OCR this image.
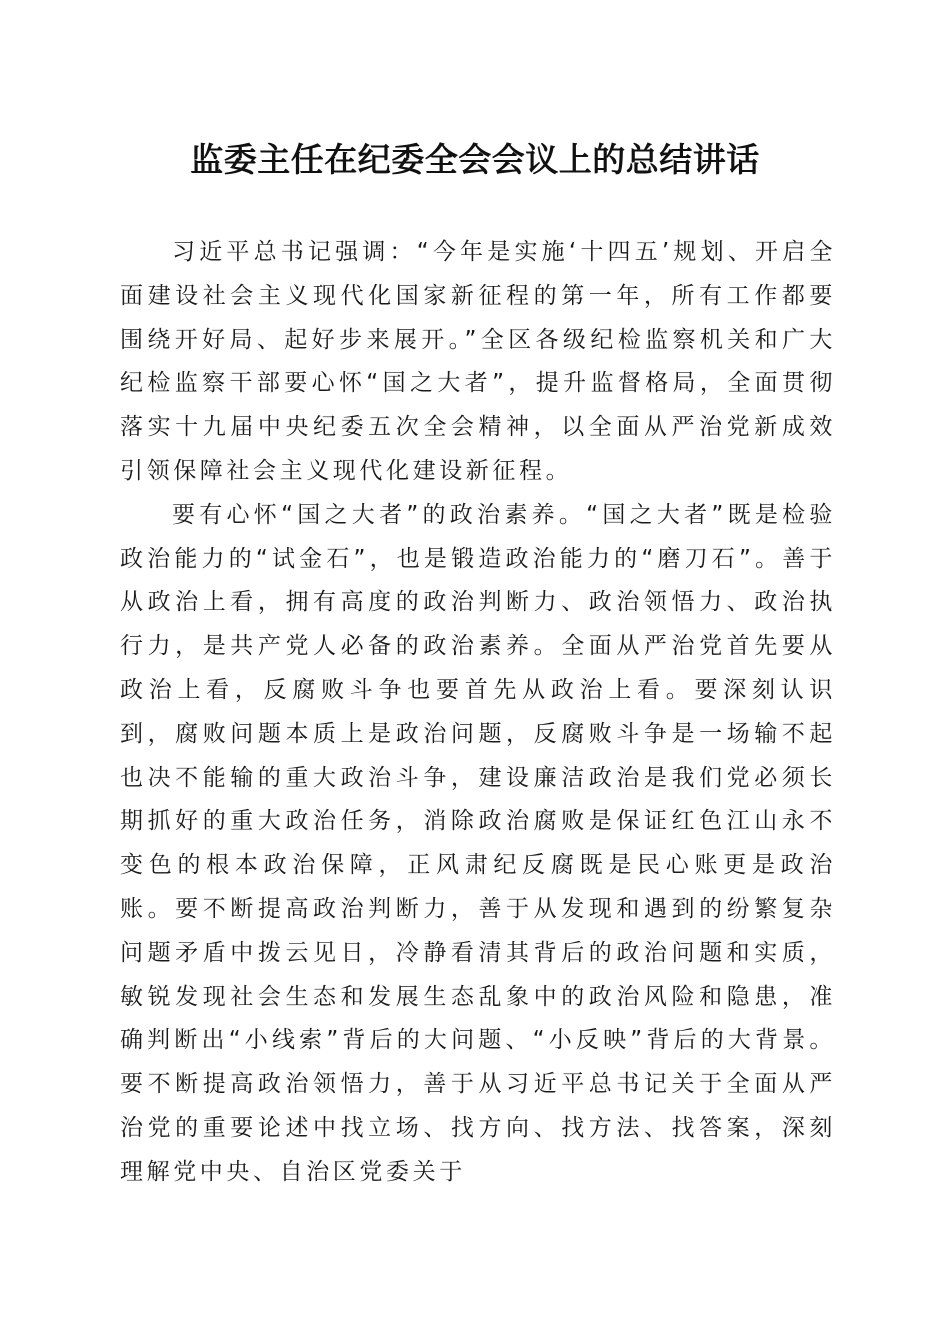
监委主任在纪委全会会议上的总结讲话

习近平总书记强调：“今年是实施‘十四五’规划、开启全面建设社会主义现代化国家新征程的第一年，所有工作都要围绕开好局、起好步来展开。”全区各级纪检监察机关和广大纪检监察干部要心怀“国之大者”，提升监督格局，全面贯彻落实十九届中央纪委五次全会精神，以全面从严治党新成效引领保障社会主义现代化建设新征程。

要有心怀“国之大者”的政治素养。“国之大者”既是检验政治能力的“试金石”，也是锻造政治能力的“磨刀石”。善于从政治上看，拥有高度的政治判断力、政治领悟力、政治执行力，是共产党人必备的政治素养。全面从严治党首先要从政治上看，反腐败斗争也要首先从政治上看。要深刻认识到，腐败问题本质上是政治问题，反腐败斗争是一场输不起也决不能输的重大政治斗争，建设廉洁政治是我们党必须长期抓好的重大政治任务，消除政治腐败是保证红色江山永不变色的根本政治保障，正风肃纪反腐既是民心账更是政治账。要不断提高政治判断力，善于从发现和遇到的纷繁复杂问题矛盾中拨云见日，冷静看清其背后的政治问题和实质，敏锐发现社会生态和发展生态乱象中的政治风险和隐患，准确判断出“小线索”背后的大问题、“小反映”背后的大背景。要不断提高政治领悟力，善于从习近平总书记关于全面从严治党的重要论述中找立场、找方向、找方法、找答案，深刻理解党中央、自治区党委关于
